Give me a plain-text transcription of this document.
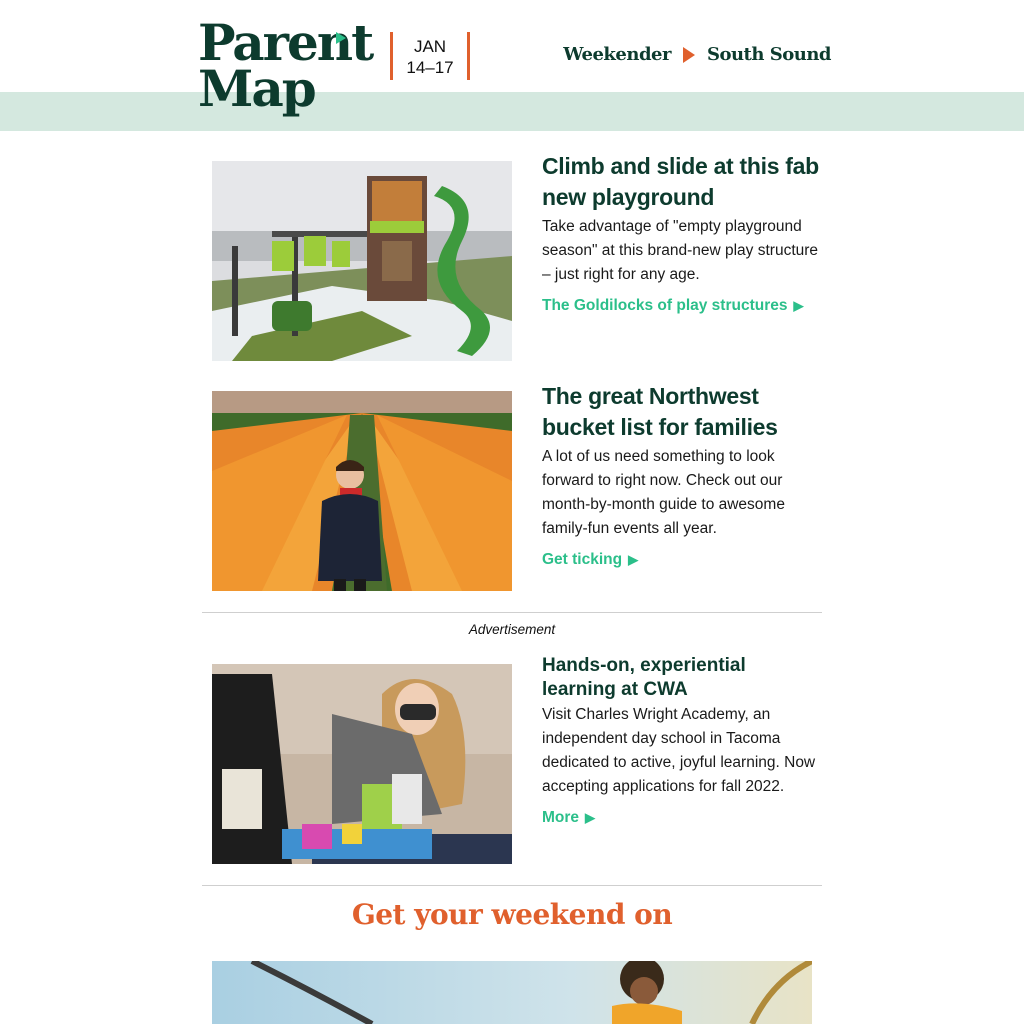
Parent
Map
JAN
14–17
Weekender South Sound
Climb and slide at this fab new playground

Take advantage of "empty playground season" at this brand-new play structure – just right for any age.

The Goldilocks of play structures ▶
The great Northwest bucket list for families

A lot of us need something to look forward to right now. Check out our month-by-month guide to awesome family-fun events all year.

Get ticking ▶
Advertisement
Hands-on, experiential learning at CWA

Visit Charles Wright Academy, an independent day school in Tacoma dedicated to active, joyful learning. Now accepting applications for fall 2022.

More ▶
Get your weekend on
